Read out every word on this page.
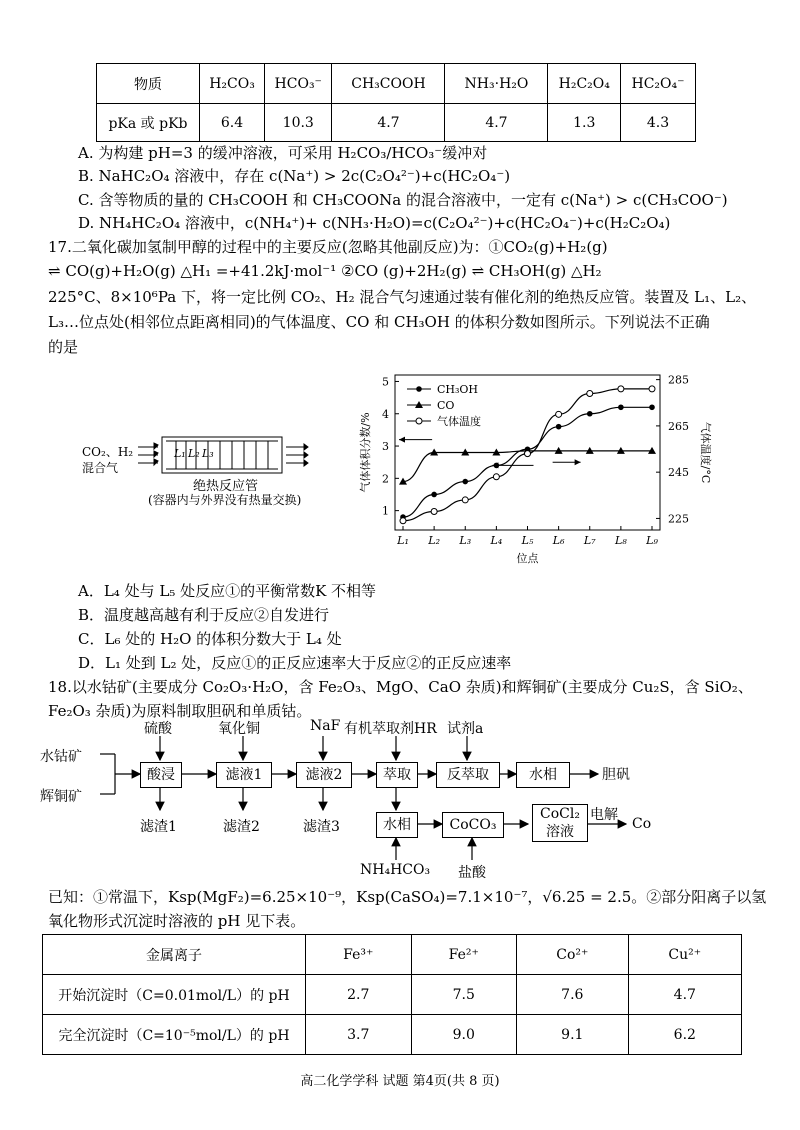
物质	H₂CO₃	HCO₃⁻	CH₃COOH	NH₃·H₂O	H₂C₂O₄	HC₂O₄⁻
pKa 或 pKb	6.4	10.3	4.7	4.7	1.3	4.3
A. 为构建 pH=3 的缓冲溶液，可采用 H₂CO₃/HCO₃⁻缓冲对
B. NaHC₂O₄ 溶液中，存在 c(Na⁺) > 2c(C₂O₄²⁻)+c(HC₂O₄⁻)
C. 含等物质的量的 CH₃COOH 和 CH₃COONa 的混合溶液中，一定有 c(Na⁺) > c(CH₃COO⁻)
D. NH₄HC₂O₄ 溶液中，c(NH₄⁺)+ c(NH₃·H₂O)=c(C₂O₄²⁻)+c(HC₂O₄⁻)+c(H₂C₂O₄)
17.二氧化碳加氢制甲醇的过程中的主要反应(忽略其他副反应)为：①CO₂(g)+H₂(g)
⇌ CO(g)+H₂O(g) △H₁ =+41.2kJ·mol⁻¹ ②CO (g)+2H₂(g) ⇌ CH₃OH(g) △H₂
225°C、8×10⁶Pa 下，将一定比例 CO₂、H₂ 混合气匀速通过装有催化剂的绝热反应管。装置及 L₁、L₂、
L₃…位点处(相邻位点距离相同)的气体温度、CO 和 CH₃OH 的体积分数如图所示。下列说法不正确
的是
CO₂、H₂
混合气
L₁ L₂ L₃
绝热反应管
(容器内与外界没有热量交换)
1
2
3
4
5
225
245
265
285
L₁ L₂ L₃ L₄ L₅ L₆ L₇ L₈ L₉
位点
气体体积分数/%	气体温度/°C
CH₃OH
CO
气体温度
A．L₄ 处与 L₅ 处反应①的平衡常数K 不相等
B．温度越高越有利于反应②自发进行
C．L₆ 处的 H₂O 的体积分数大于 L₄ 处
D．L₁ 处到 L₂ 处，反应①的正反应速率大于反应②的正反应速率
18.以水钴矿(主要成分 Co₂O₃·H₂O，含 Fe₂O₃、MgO、CaO 杂质)和辉铜矿(主要成分 Cu₂S，含 SiO₂、
Fe₂O₃ 杂质)为原料制取胆矾和单质钴。
硫酸	氧化铜	NaF 有机萃取剂HR 试剂a
水钴矿
辉铜矿
酸浸	滤液1	滤液2	萃取	反萃取	水相	胆矾
滤渣1	滤渣2	滤渣3	水相	CoCO₃
CoCl₂
溶液
电解
Co
NH₄HCO₃ 盐酸
已知：①常温下，Ksp(MgF₂)=6.25×10⁻⁹，Ksp(CaSO₄)=7.1×10⁻⁷，√6.25 = 2.5。②部分阳离子以氢
氧化物形式沉淀时溶液的 pH 见下表。
金属离子	Fe³⁺	Fe²⁺	Co²⁺	Cu²⁺
开始沉淀时（C=0.01mol/L）的 pH	2.7	7.5	7.6	4.7
完全沉淀时（C=10⁻⁵mol/L）的 pH	3.7	9.0	9.1	6.2
高二化学学科 试题 第4页(共 8 页)
